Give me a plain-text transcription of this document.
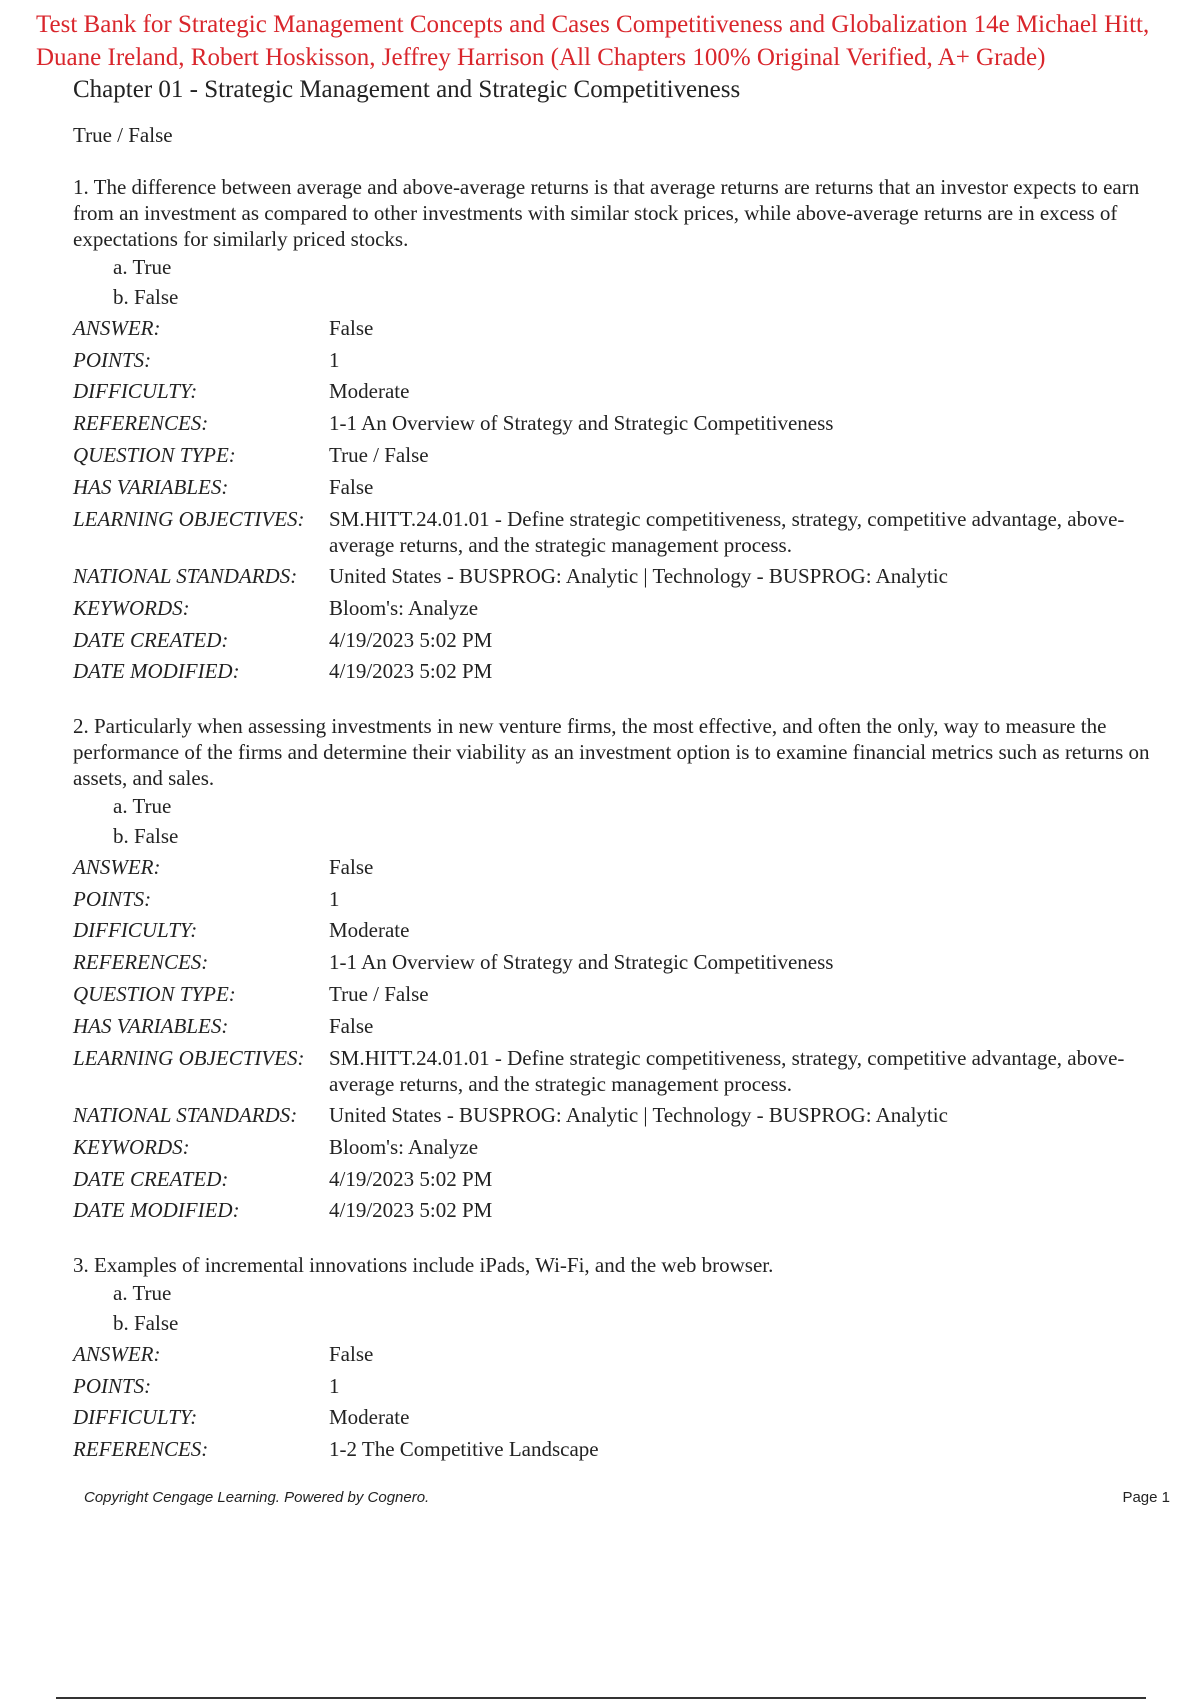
Test Bank for Strategic Management Concepts and Cases Competitiveness and Globalization 14e Michael Hitt, Duane Ireland, Robert Hoskisson, Jeffrey Harrison (All Chapters 100% Original Verified, A+ Grade)
Chapter 01 - Strategic Management and Strategic Competitiveness
True / False

1. The difference between average and above-average returns is that average returns are returns that an investor expects to earn from an investment as compared to other investments with similar stock prices, while above-average returns are in excess of expectations for similarly priced stocks.

a. True
b. False
ANSWER:	False
POINTS:	1
DIFFICULTY:	Moderate
REFERENCES:	1-1 An Overview of Strategy and Strategic Competitiveness
QUESTION TYPE:	True / False
HAS VARIABLES:	False
LEARNING OBJECTIVES:	SM.HITT.24.01.01 - Define strategic competitiveness, strategy, competitive advantage, above-average returns, and the strategic management process.
NATIONAL STANDARDS:	United States - BUSPROG: Analytic | Technology - BUSPROG: Analytic
KEYWORDS:	Bloom's: Analyze
DATE CREATED:	4/19/2023 5:02 PM
DATE MODIFIED:	4/19/2023 5:02 PM

2. Particularly when assessing investments in new venture firms, the most effective, and often the only, way to measure the performance of the firms and determine their viability as an investment option is to examine financial metrics such as returns on assets, and sales.

a. True
b. False
ANSWER:	False
POINTS:	1
DIFFICULTY:	Moderate
REFERENCES:	1-1 An Overview of Strategy and Strategic Competitiveness
QUESTION TYPE:	True / False
HAS VARIABLES:	False
LEARNING OBJECTIVES:	SM.HITT.24.01.01 - Define strategic competitiveness, strategy, competitive advantage, above-average returns, and the strategic management process.
NATIONAL STANDARDS:	United States - BUSPROG: Analytic | Technology - BUSPROG: Analytic
KEYWORDS:	Bloom's: Analyze
DATE CREATED:	4/19/2023 5:02 PM
DATE MODIFIED:	4/19/2023 5:02 PM

3. Examples of incremental innovations include iPads, Wi-Fi, and the web browser.

a. True
b. False
ANSWER:	False
POINTS:	1
DIFFICULTY:	Moderate
REFERENCES:	1-2 The Competitive Landscape
Copyright Cengage Learning. Powered by Cognero.	Page 1
